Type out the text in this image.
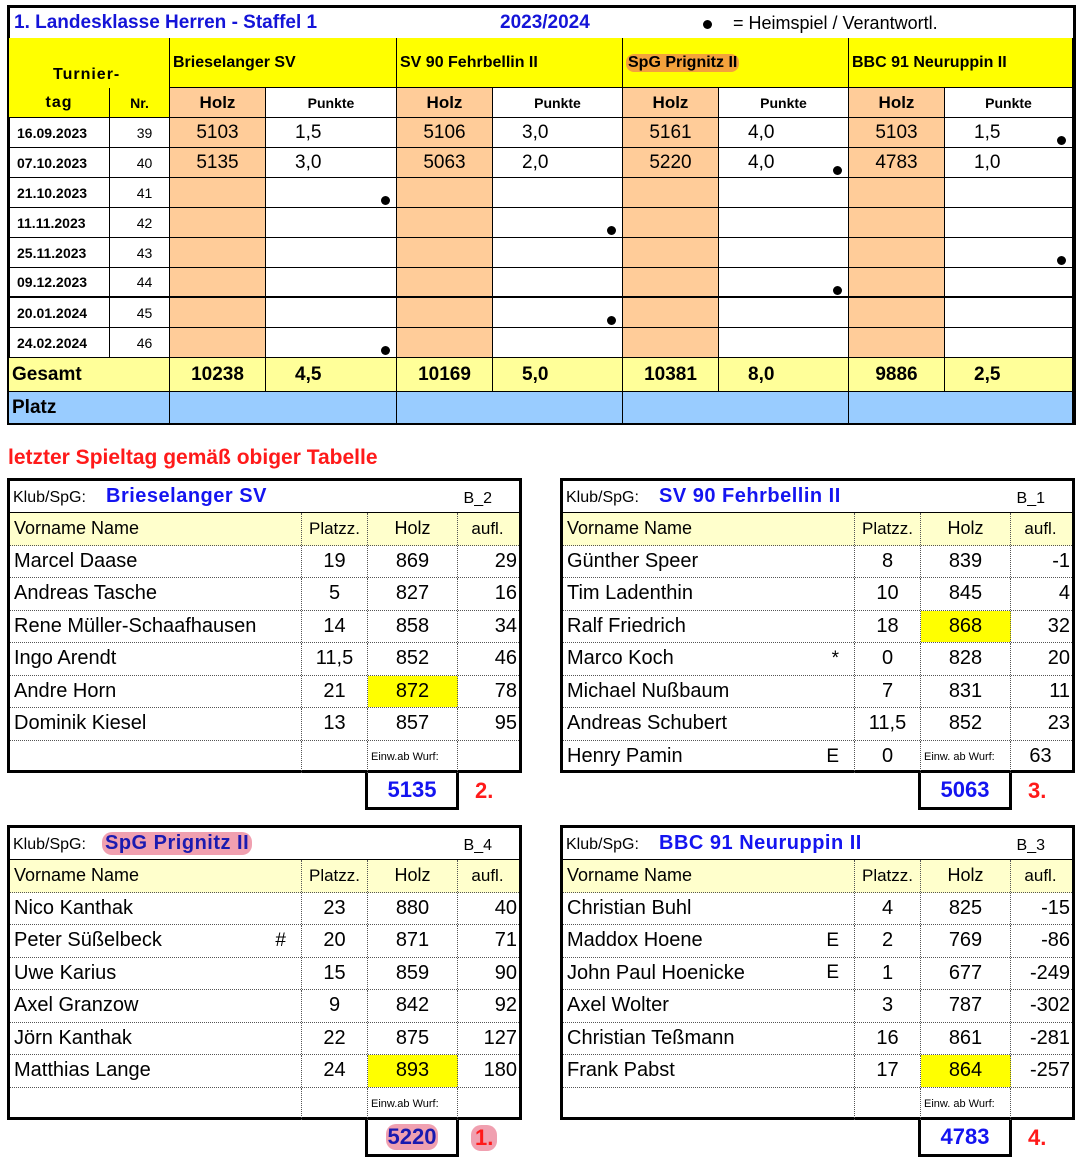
1. Landesklasse Herren - Staffel 1	2023/2024	= Heimspiel / Verantwortl.
Turnier-
tag	Nr.
Brieselanger SV
Holz	Punkte
SV 90 Fehrbellin II
Holz	Punkte
SpG Prignitz II
Holz	Punkte
BBC 91 Neuruppin II
Holz	Punkte
16.09.2023	39	5103	1,5	5106	3,0	5161	4,0	5103	1,5
07.10.2023	40	5135	3,0	5063	2,0	5220	4,0	4783	1,0
21.10.2023	41
11.11.2023	42
25.11.2023	43
09.12.2023	44
20.01.2024	45
24.02.2024	46
Gesamt	10238	4,5	10169	5,0	10381	8,0	9886	2,5
Platz
letzter Spieltag gemäß obiger Tabelle
Klub/SpG: Brieselanger SV	B_2
Vorname Name	Platzz.	Holz	aufl.
Marcel Daase	19	869	29
Andreas Tasche	5	827	16
Rene Müller-Schaafhausen	14	858	34
Ingo Arendt	11,5	852	46
Andre Horn	21	872	78
Dominik Kiesel	13	857	95
Einw.ab Wurf:
5135 2.
Klub/SpG: SV 90 Fehrbellin II	B_1
Vorname Name	Platzz.	Holz	aufl.
Günther Speer	8	839	-1
Tim Ladenthin	10	845	4
Ralf Friedrich	18	868	32
Marco Koch	*	0	828	20
Michael Nußbaum	7	831	11
Andreas Schubert	11,5	852	23
Henry Pamin	E	0	Einw. ab Wurf:	63
5063 3.
Klub/SpG: SpG Prignitz II	B_4
Vorname Name	Platzz.	Holz	aufl.
Nico Kanthak	23	880	40
Peter Süßelbeck	#	20	871	71
Uwe Karius	15	859	90
Axel Granzow	9	842	92
Jörn Kanthak	22	875	127
Matthias Lange	24	893	180
Einw.ab Wurf:
5220 1.
Klub/SpG: BBC 91 Neuruppin II	B_3
Vorname Name	Platzz.	Holz	aufl.
Christian Buhl	4	825	-15
Maddox Hoene	E	2	769	-86
John Paul Hoenicke	E	1	677	-249
Axel Wolter	3	787	-302
Christian Teßmann	16	861	-281
Frank Pabst	17	864	-257
Einw. ab Wurf:
4783 4.
